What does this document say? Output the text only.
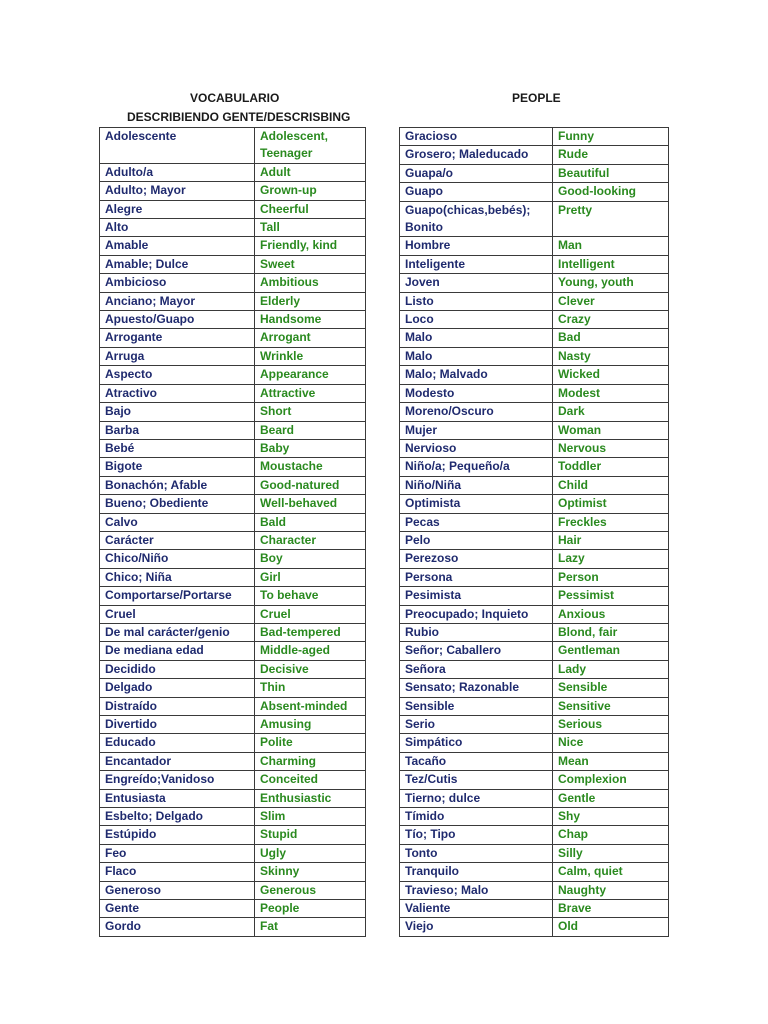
VOCABULARIO
DESCRIBIENDO GENTE/DESCRISBING
PEOPLE
Adolescente	Adolescent, Teenager
Adulto/a	Adult
Adulto; Mayor	Grown-up
Alegre	Cheerful
Alto	Tall
Amable	Friendly, kind
Amable; Dulce	Sweet
Ambicioso	Ambitious
Anciano; Mayor	Elderly
Apuesto/Guapo	Handsome
Arrogante	Arrogant
Arruga	Wrinkle
Aspecto	Appearance
Atractivo	Attractive
Bajo	Short
Barba	Beard
Bebé	Baby
Bigote	Moustache
Bonachón; Afable	Good-natured
Bueno; Obediente	Well-behaved
Calvo	Bald
Carácter	Character
Chico/Niño	Boy
Chico; Niña	Girl
Comportarse/Portarse	To behave
Cruel	Cruel
De mal carácter/genio	Bad-tempered
De mediana edad	Middle-aged
Decidido	Decisive
Delgado	Thin
Distraído	Absent-minded
Divertido	Amusing
Educado	Polite
Encantador	Charming
Engreído;Vanidoso	Conceited
Entusiasta	Enthusiastic
Esbelto; Delgado	Slim
Estúpido	Stupid
Feo	Ugly
Flaco	Skinny
Generoso	Generous
Gente	People
Gordo	Fat
Gracioso	Funny
Grosero; Maleducado	Rude
Guapa/o	Beautiful
Guapo	Good-looking
Guapo(chicas,bebés); Bonito	Pretty
Hombre	Man
Inteligente	Intelligent
Joven	Young, youth
Listo	Clever
Loco	Crazy
Malo	Bad
Malo	Nasty
Malo; Malvado	Wicked
Modesto	Modest
Moreno/Oscuro	Dark
Mujer	Woman
Nervioso	Nervous
Niño/a; Pequeño/a	Toddler
Niño/Niña	Child
Optimista	Optimist
Pecas	Freckles
Pelo	Hair
Perezoso	Lazy
Persona	Person
Pesimista	Pessimist
Preocupado; Inquieto	Anxious
Rubio	Blond, fair
Señor; Caballero	Gentleman
Señora	Lady
Sensato; Razonable	Sensible
Sensible	Sensitive
Serio	Serious
Simpático	Nice
Tacaño	Mean
Tez/Cutis	Complexion
Tierno; dulce	Gentle
Tímido	Shy
Tío; Tipo	Chap
Tonto	Silly
Tranquilo	Calm, quiet
Travieso; Malo	Naughty
Valiente	Brave
Viejo	Old
